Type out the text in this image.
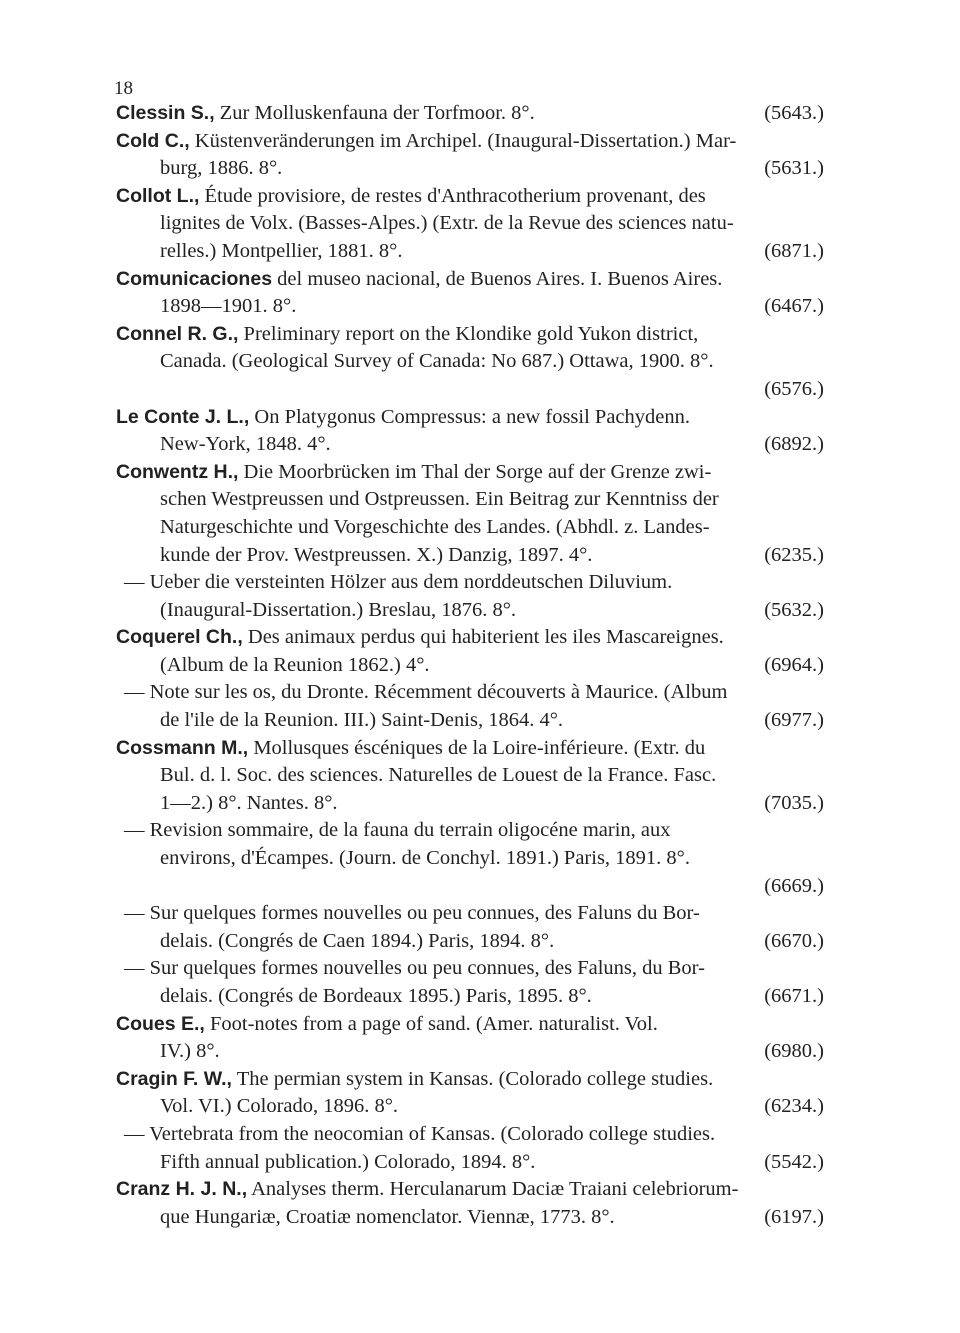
18
Clessin S., Zur Molluskenfauna der Torfmoor. 8°.	(5643.)
Cold C., Küstenveränderungen im Archipel. (Inaugural-Dissertation.) Mar-
burg, 1886. 8°.	(5631.)
Collot L., Étude provisiore, de restes d'Anthracotherium provenant, des
lignites de Volx. (Basses-Alpes.) (Extr. de la Revue des sciences natu-
relles.) Montpellier, 1881. 8°.	(6871.)
Comunicaciones del museo nacional, de Buenos Aires. I. Buenos Aires.
1898—1901. 8°.	(6467.)
Connel R. G., Preliminary report on the Klondike gold Yukon district,
Canada. (Geological Survey of Canada: No 687.) Ottawa, 1900. 8°.
(6576.)
Le Conte J. L., On Platygonus Compressus: a new fossil Pachydenn.
New-York, 1848. 4°.	(6892.)
Conwentz H., Die Moorbrücken im Thal der Sorge auf der Grenze zwi-
schen Westpreussen und Ostpreussen. Ein Beitrag zur Kenntniss der
Naturgeschichte und Vorgeschichte des Landes. (Abhdl. z. Landes-
kunde der Prov. Westpreussen. X.) Danzig, 1897. 4°.	(6235.)
— Ueber die versteinten Hölzer aus dem norddeutschen Diluvium.
(Inaugural-Dissertation.) Breslau, 1876. 8°.	(5632.)
Coquerel Ch., Des animaux perdus qui habiterient les iles Mascareignes.
(Album de la Reunion 1862.) 4°.	(6964.)
— Note sur les os, du Dronte. Récemment découverts à Maurice. (Album
de l'ile de la Reunion. III.) Saint-Denis, 1864. 4°.	(6977.)
Cossmann M., Mollusques éscéniques de la Loire-inférieure. (Extr. du
Bul. d. l. Soc. des sciences. Naturelles de Louest de la France. Fasc.
1—2.) 8°. Nantes. 8°.	(7035.)
— Revision sommaire, de la fauna du terrain oligocéne marin, aux
environs, d'Écampes. (Journ. de Conchyl. 1891.) Paris, 1891. 8°.
(6669.)
— Sur quelques formes nouvelles ou peu connues, des Faluns du Bor-
delais. (Congrés de Caen 1894.) Paris, 1894. 8°.	(6670.)
— Sur quelques formes nouvelles ou peu connues, des Faluns, du Bor-
delais. (Congrés de Bordeaux 1895.) Paris, 1895. 8°.	(6671.)
Coues E., Foot-notes from a page of sand. (Amer. naturalist. Vol.
IV.) 8°.	(6980.)
Cragin F. W., The permian system in Kansas. (Colorado college studies.
Vol. VI.) Colorado, 1896. 8°.	(6234.)
— Vertebrata from the neocomian of Kansas. (Colorado college studies.
Fifth annual publication.) Colorado, 1894. 8°.	(5542.)
Cranz H. J. N., Analyses therm. Herculanarum Daciæ Traiani celebriorum-
que Hungariæ, Croatiæ nomenclator. Viennæ, 1773. 8°.	(6197.)
